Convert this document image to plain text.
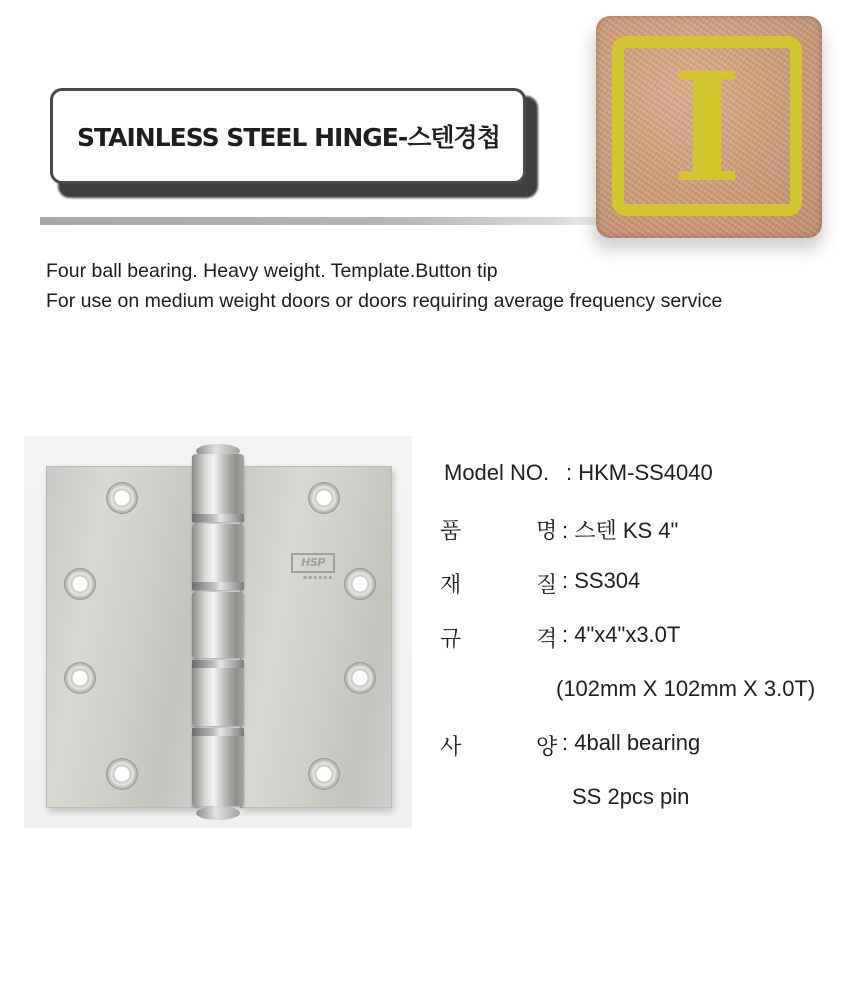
STAINLESS STEEL HINGE-스텐경첩 I
Four ball bearing. Heavy weight. Template.Button tip
For use on medium weight doors or doors requiring average frequency service
HSP
▪▪▪▪▪▪
Model NO. : HKM-SS4040
품	명 : 스텐 KS 4"
재	질 : SS304
규	격 : 4"x4"x3.0T
(102mm X 102mm X 3.0T)
사	양 : 4ball bearing
SS 2pcs pin
